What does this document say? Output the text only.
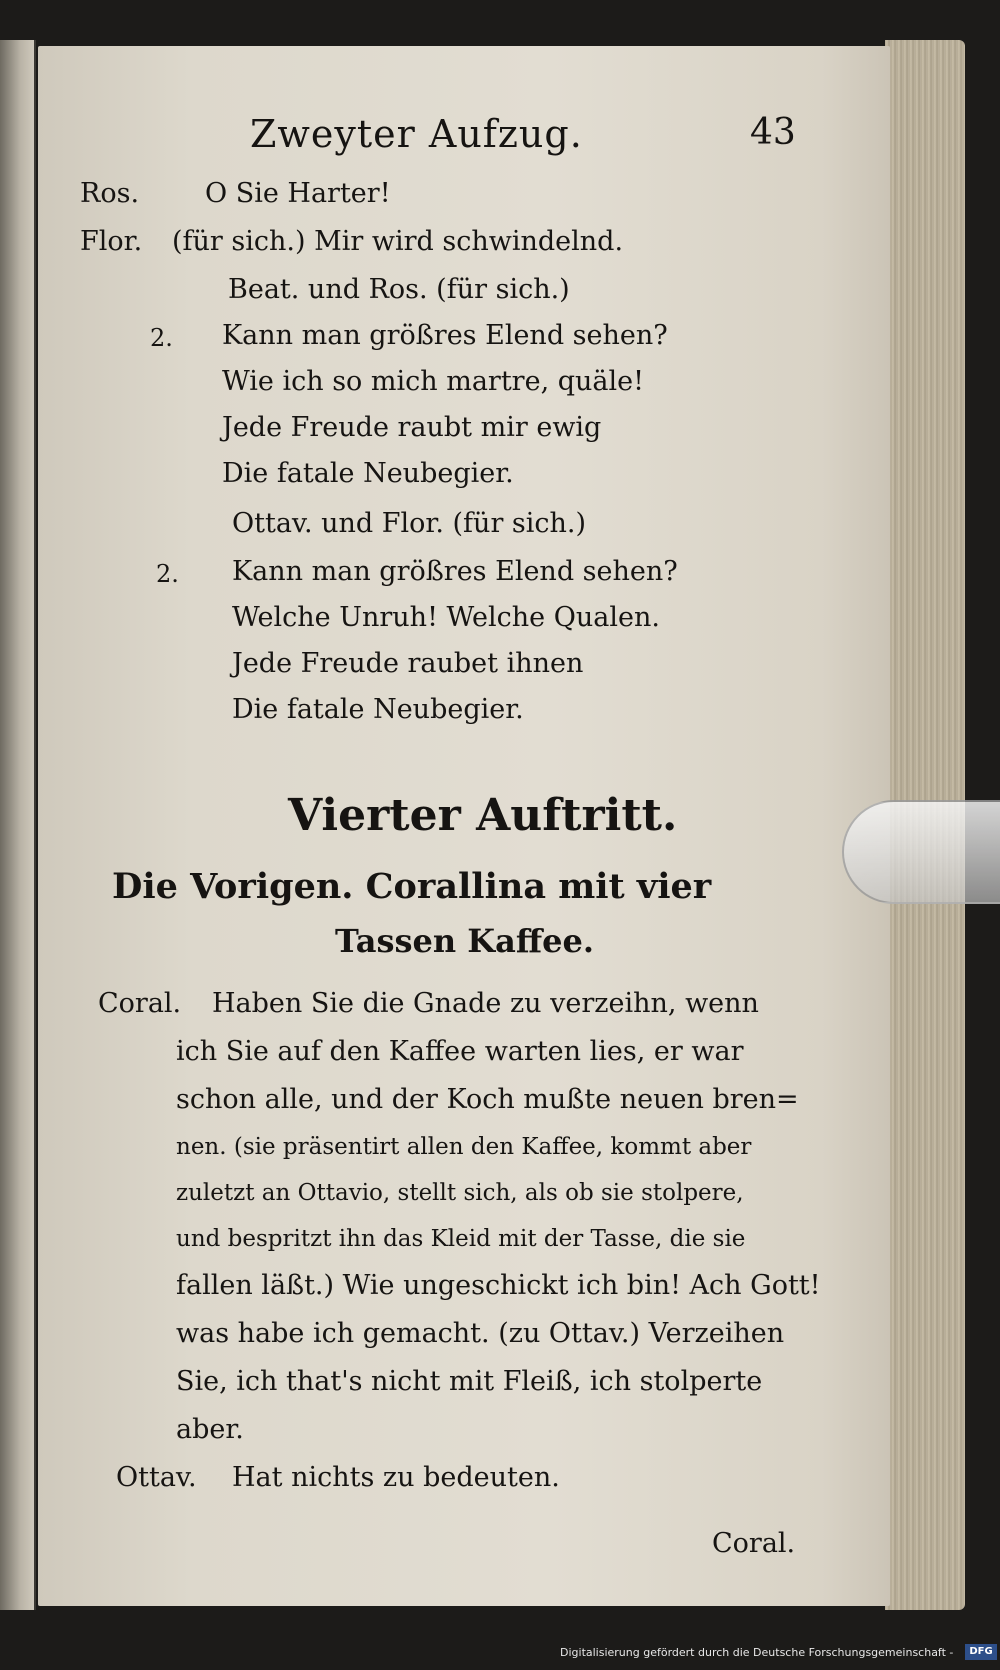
Zweyter Aufzug.	43
Ros. O Sie Harter!
Flor. (für sich.) Mir wird schwindelnd.
Beat. und Ros. (für sich.)
2. Kann man größres Elend sehen?
Wie ich so mich martre, quäle!
Jede Freude raubt mir ewig
Die fatale Neubegier.
Ottav. und Flor. (für sich.)
2. Kann man größres Elend sehen?
Welche Unruh! Welche Qualen.
Jede Freude raubet ihnen
Die fatale Neubegier.
Vierter Auftritt.
Die Vorigen. Corallina mit vier
Tassen Kaffee.
Coral. Haben Sie die Gnade zu verzeihn, wenn
ich Sie auf den Kaffee warten lies, er war
schon alle, und der Koch mußte neuen bren=
nen. (sie präsentirt allen den Kaffee, kommt aber
zuletzt an Ottavio, stellt sich, als ob sie stolpere,
und bespritzt ihn das Kleid mit der Tasse, die sie
fallen läßt.) Wie ungeschickt ich bin! Ach Gott!
was habe ich gemacht. (zu Ottav.) Verzeihen
Sie, ich that's nicht mit Fleiß, ich stolperte
aber.
Ottav. Hat nichts zu bedeuten.
Coral.
Digitalisierung gefördert durch die Deutsche Forschungsgemeinschaft -	DFG
